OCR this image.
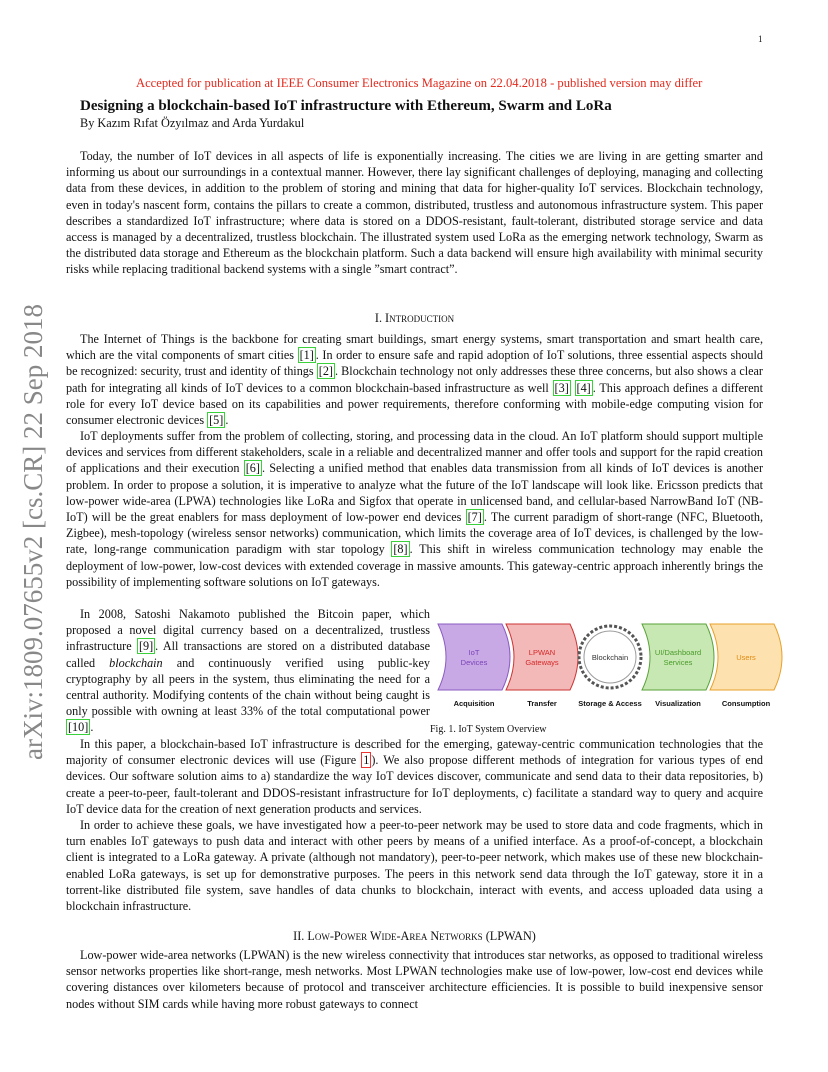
1
arXiv:1809.07655v2 [cs.CR] 22 Sep 2018
Accepted for publication at IEEE Consumer Electronics Magazine on 22.04.2018 - published version may differ
Designing a blockchain-based IoT infrastructure with Ethereum, Swarm and LoRa
By Kazım Rıfat Özyılmaz and Arda Yurdakul

Today, the number of IoT devices in all aspects of life is exponentially increasing. The cities we are living in are getting smarter and informing us about our surroundings in a contextual manner. However, there lay significant challenges of deploying, managing and collecting data from these devices, in addition to the problem of storing and mining that data for higher-quality IoT services. Blockchain technology, even in today's nascent form, contains the pillars to create a common, distributed, trustless and autonomous infrastructure system. This paper describes a standardized IoT infrastructure; where data is stored on a DDOS-resistant, fault-tolerant, distributed storage service and data access is managed by a decentralized, trustless blockchain. The illustrated system used LoRa as the emerging network technology, Swarm as the distributed data storage and Ethereum as the blockchain platform. Such a data backend will ensure high availability with minimal security risks while replacing traditional backend systems with a single ”smart contract”.

I. Introduction

The Internet of Things is the backbone for creating smart buildings, smart energy systems, smart transportation and smart health care, which are the vital components of smart cities [1] . In order to ensure safe and rapid adoption of IoT solutions, three essential aspects should be recognized: security, trust and identity of things [2] . Blockchain technology not only addresses these three concerns, but also shows a clear path for integrating all kinds of IoT devices to a common blockchain-based infrastructure as well [3] [4] . This approach defines a different role for every IoT device based on its capabilities and power requirements, therefore conforming with mobile-edge computing vision for consumer electronic devices [5] .

IoT deployments suffer from the problem of collecting, storing, and processing data in the cloud. An IoT platform should support multiple devices and services from different stakeholders, scale in a reliable and decentralized manner and offer tools and support for the rapid creation of applications and their execution [6] . Selecting a unified method that enables data transmission from all kinds of IoT devices is another problem. In order to propose a solution, it is imperative to analyze what the future of the IoT landscape will look like. Ericsson predicts that low-power wide-area (LPWA) technologies like LoRa and Sigfox that operate in unlicensed band, and cellular-based NarrowBand IoT (NB-IoT) will be the great enablers for mass deployment of low-power end devices [7] . The current paradigm of short-range (NFC, Bluetooth, Zigbee), mesh-topology (wireless sensor networks) communication, which limits the coverage area of IoT devices, is challenged by the low-rate, long-range communication paradigm with star topology [8] . This shift in wireless communication technology may enable the deployment of low-power, low-cost devices with extended coverage in massive amounts. This gateway-centric approach inherently brings the possibility of implementing software solutions on IoT gateways.

In 2008, Satoshi Nakamoto published the Bitcoin paper, which proposed a novel digital currency based on a decentralized, trustless infrastructure [9] . All transactions are stored on a distributed database called blockchain and continuously verified using public-key cryptography by all peers in the system, thus eliminating the need for a central authority. Modifying contents of the chain without being caught is only possible with owning at least 33% of the total computational power [10] .

IoT
Devices
Acquisition
LPWAN
Gateways
Transfer
Blockchain
Storage & Access
UI/Dashboard
Services
Visualization
Users
Consumption
Fig. 1. IoT System Overview

In this paper, a blockchain-based IoT infrastructure is described for the emerging, gateway-centric communication technologies that the majority of consumer electronic devices will use (Figure 1 ). We also propose different methods of integration for various types of end devices. Our software solution aims to a) standardize the way IoT devices discover, communicate and send data to their data repositories, b) create a peer-to-peer, fault-tolerant and DDOS-resistant infrastructure for IoT deployments, c) facilitate a standard way to query and acquire IoT device data for the creation of next generation products and services.

In order to achieve these goals, we have investigated how a peer-to-peer network may be used to store data and code fragments, which in turn enables IoT gateways to push data and interact with other peers by means of a unified interface. As a proof-of-concept, a blockchain client is integrated to a LoRa gateway. A private (although not mandatory), peer-to-peer network, which makes use of these new blockchain-enabled LoRa gateways, is set up for demonstrative purposes. The peers in this network send data through the IoT gateway, store it in a torrent-like distributed file system, save handles of data chunks to blockchain, interact with events, and access uploaded data using a blockchain infrastructure.

II. Low-Power Wide-Area Networks (LPWAN)

Low-power wide-area networks (LPWAN) is the new wireless connectivity that introduces star networks, as opposed to traditional wireless sensor networks properties like short-range, mesh networks. Most LPWAN technologies make use of low-power, low-cost end devices while covering distances over kilometers because of protocol and transceiver architecture efficiencies. It is possible to build inexpensive sensor nodes without SIM cards while having more robust gateways to connect
